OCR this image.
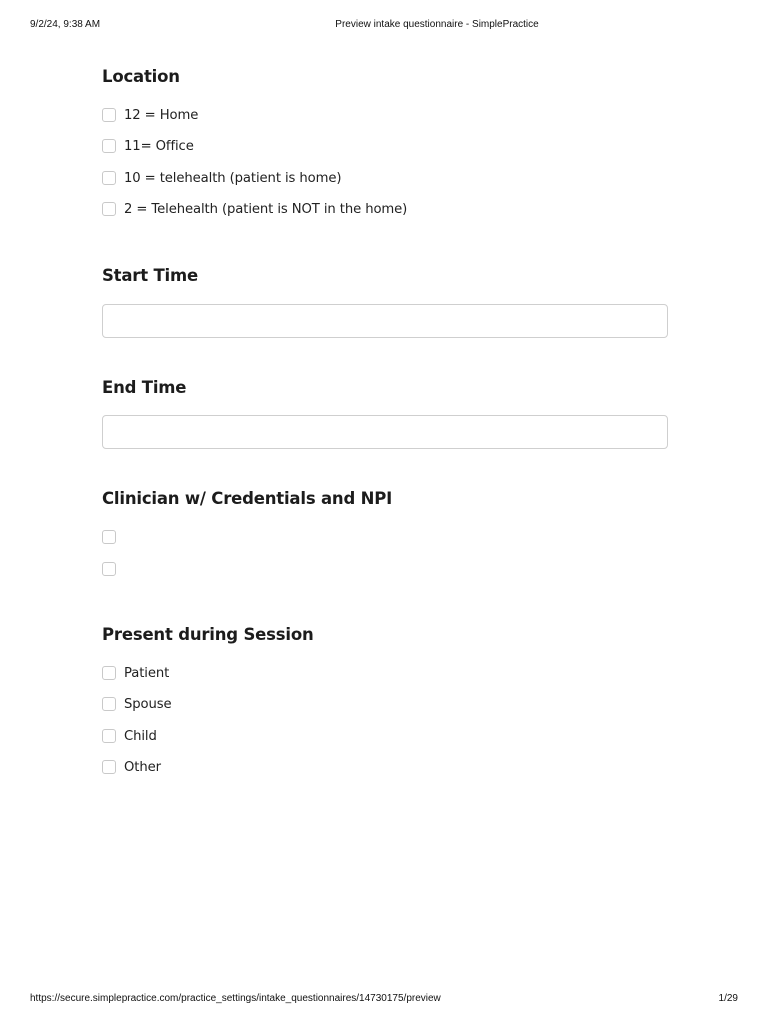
9/2/24, 9:38 AM	Preview intake questionnaire - SimplePractice
Location
12 = Home
11= Office
10 = telehealth (patient is home)
2 = Telehealth (patient is NOT in the home)
Start Time
End Time
Clinician w/ Credentials and NPI
Present during Session
Patient
Spouse
Child
Other
https://secure.simplepractice.com/practice_settings/intake_questionnaires/14730175/preview	1/29
